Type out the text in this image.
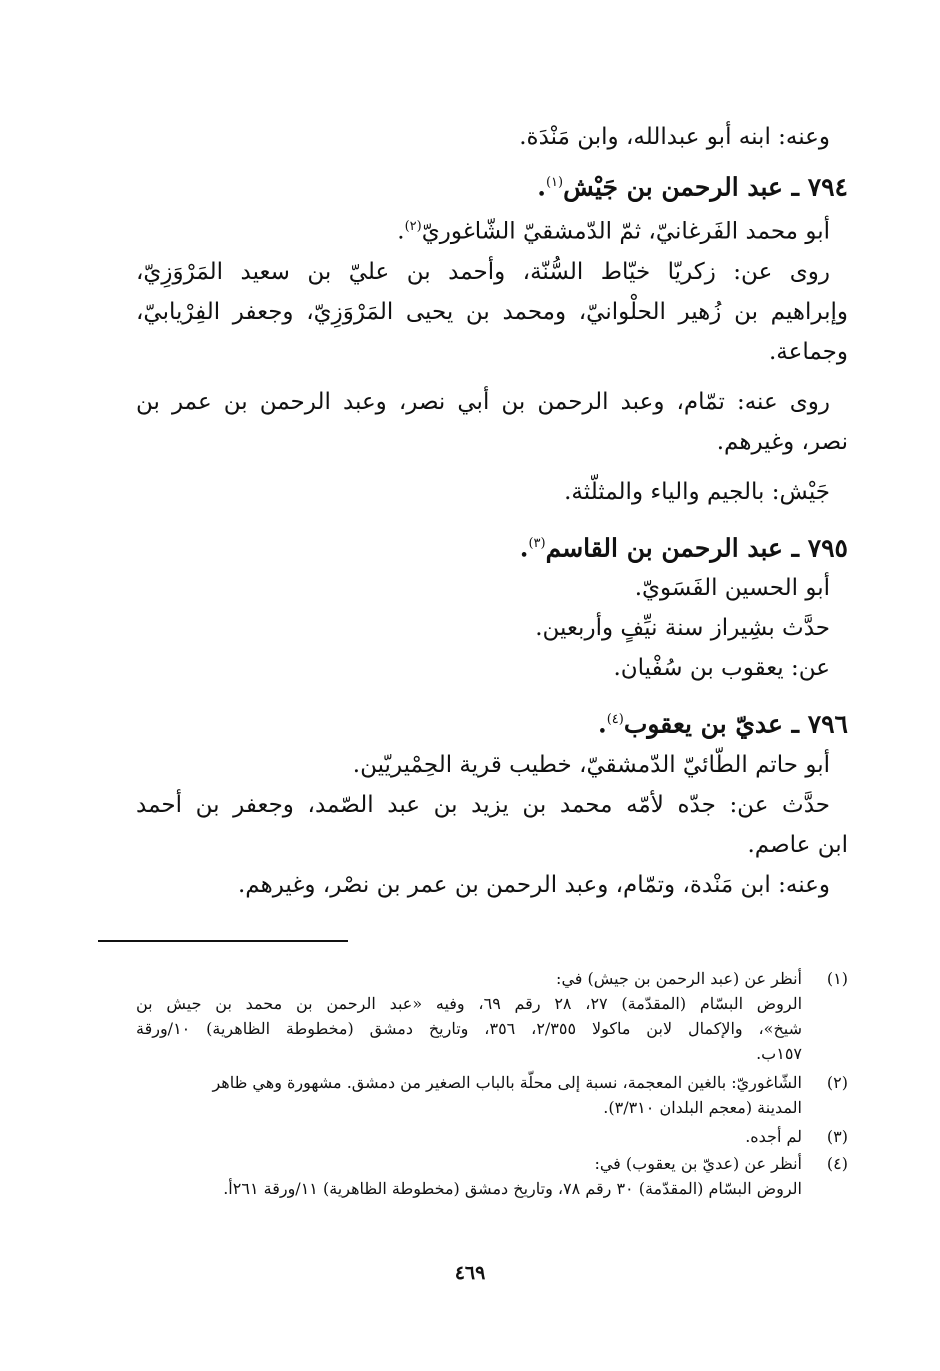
وعنه: ابنه أبو عبدالله، وابن مَنْدَة.
٧٩٤ ـ عبد الرحمن بن جَيْش$^{(١)}$.
أبو محمد الفَرغانيّ، ثمّ الدّمشقيّ الشّاغوريّ$^{(٢)}$.
روى عن: زكريّا خيّاط السُّنّة، وأحمد بن عليّ بن سعيد المَرْوَزِيّ،
وإبراهيم بن زُهير الحلْوانيّ، ومحمد بن يحيى المَرْوَزِيّ، وجعفر الفِرْيابيّ،
وجماعة.
روى عنه: تمّام، وعبد الرحمن بن أبي نصر، وعبد الرحمن بن عمر بن
نصر، وغيرهم.
جَيْش: بالجيم والياء والمثلّثة.
٧٩٥ ـ عبد الرحمن بن القاسم$^{(٣)}$.
أبو الحسين الفَسَويّ.
حدَّث بشِيراز سنة نيِّفٍ وأربعين.
عن: يعقوب بن سُفْيان.
٧٩٦ ـ عديّ بن يعقوب$^{(٤)}$.
أبو حاتم الطّائيّ الدّمشقيّ، خطيب قرية الحِمْيريّين.
حدَّث عن: جدّه لأمّه محمد بن يزيد بن عبد الصّمد، وجعفر بن أحمد
ابن عاصم.
وعنه: ابن مَنْدة، وتمّام، وعبد الرحمن بن عمر بن نصْر، وغيرهم.
(١)أنظر عن (عبد الرحمن بن جيش) في:
الروض البسّام (المقدّمة) ٢٧، ٢٨ رقم ٦٩، وفيه «عبد الرحمن بن محمد بن جيش بن
شيخ»، والإكمال لابن ماكولا ٢/٣٥٥، ٣٥٦، وتاريخ دمشق (مخطوطة الظاهرية) ١٠/ورقة
١٥٧ب.
(٢)الشّاغوريّ: بالغين المعجمة، نسبة إلى محلّة بالباب الصغير من دمشق. مشهورة وهي ظاهر
المدينة (معجم البلدان ٣/٣١٠).
(٣)لم أجده.
(٤)أنظر عن (عديّ بن يعقوب) في:
الروض البسّام (المقدّمة) ٣٠ رقم ٧٨، وتاريخ دمشق (مخطوطة الظاهرية) ١١/ورقة ٢٦١أ.
٤٦٩
